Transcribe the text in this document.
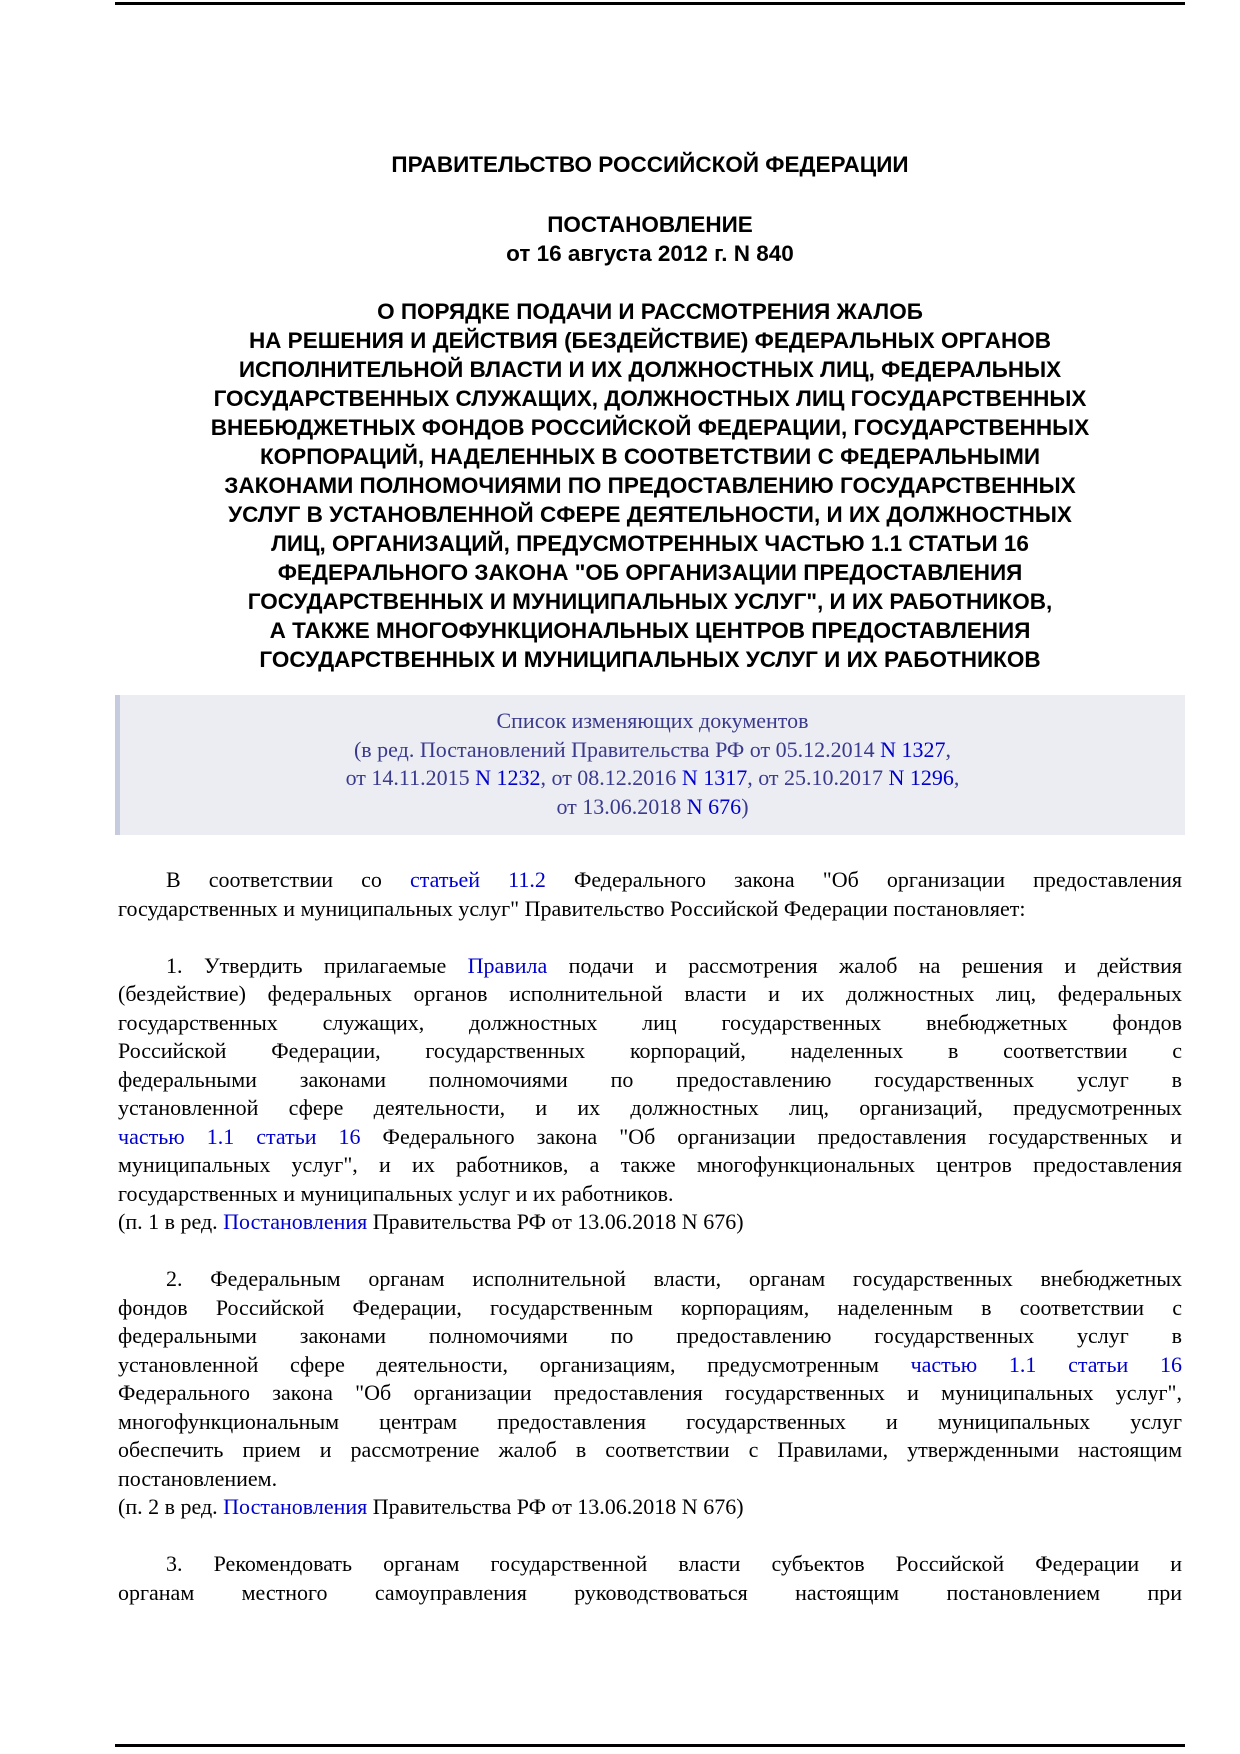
ПРАВИТЕЛЬСТВО РОССИЙСКОЙ ФЕДЕРАЦИИ
ПОСТАНОВЛЕНИЕ
от 16 августа 2012 г. N 840
О ПОРЯДКЕ ПОДАЧИ И РАССМОТРЕНИЯ ЖАЛОБ
НА РЕШЕНИЯ И ДЕЙСТВИЯ (БЕЗДЕЙСТВИЕ) ФЕДЕРАЛЬНЫХ ОРГАНОВ
ИСПОЛНИТЕЛЬНОЙ ВЛАСТИ И ИХ ДОЛЖНОСТНЫХ ЛИЦ, ФЕДЕРАЛЬНЫХ
ГОСУДАРСТВЕННЫХ СЛУЖАЩИХ, ДОЛЖНОСТНЫХ ЛИЦ ГОСУДАРСТВЕННЫХ
ВНЕБЮДЖЕТНЫХ ФОНДОВ РОССИЙСКОЙ ФЕДЕРАЦИИ, ГОСУДАРСТВЕННЫХ
КОРПОРАЦИЙ, НАДЕЛЕННЫХ В СООТВЕТСТВИИ С ФЕДЕРАЛЬНЫМИ
ЗАКОНАМИ ПОЛНОМОЧИЯМИ ПО ПРЕДОСТАВЛЕНИЮ ГОСУДАРСТВЕННЫХ
УСЛУГ В УСТАНОВЛЕННОЙ СФЕРЕ ДЕЯТЕЛЬНОСТИ, И ИХ ДОЛЖНОСТНЫХ
ЛИЦ, ОРГАНИЗАЦИЙ, ПРЕДУСМОТРЕННЫХ ЧАСТЬЮ 1.1 СТАТЬИ 16
ФЕДЕРАЛЬНОГО ЗАКОНА "ОБ ОРГАНИЗАЦИИ ПРЕДОСТАВЛЕНИЯ
ГОСУДАРСТВЕННЫХ И МУНИЦИПАЛЬНЫХ УСЛУГ", И ИХ РАБОТНИКОВ,
А ТАКЖЕ МНОГОФУНКЦИОНАЛЬНЫХ ЦЕНТРОВ ПРЕДОСТАВЛЕНИЯ
ГОСУДАРСТВЕННЫХ И МУНИЦИПАЛЬНЫХ УСЛУГ И ИХ РАБОТНИКОВ
Список изменяющих документов
(в ред. Постановлений Правительства РФ от 05.12.2014 N 1327,
от 14.11.2015 N 1232, от 08.12.2016 N 1317, от 25.10.2017 N 1296,
от 13.06.2018 N 676)
В соответствии со статьей 11.2 Федерального закона "Об организации предоставления
государственных и муниципальных услуг" Правительство Российской Федерации постановляет:
1. Утвердить прилагаемые Правила подачи и рассмотрения жалоб на решения и действия
(бездействие) федеральных органов исполнительной власти и их должностных лиц, федеральных
государственных служащих, должностных лиц государственных внебюджетных фондов
Российской Федерации, государственных корпораций, наделенных в соответствии с
федеральными законами полномочиями по предоставлению государственных услуг в
установленной сфере деятельности, и их должностных лиц, организаций, предусмотренных
частью 1.1 статьи 16 Федерального закона "Об организации предоставления государственных и
муниципальных услуг", и их работников, а также многофункциональных центров предоставления
государственных и муниципальных услуг и их работников.
(п. 1 в ред. Постановления Правительства РФ от 13.06.2018 N 676)
2. Федеральным органам исполнительной власти, органам государственных внебюджетных
фондов Российской Федерации, государственным корпорациям, наделенным в соответствии с
федеральными законами полномочиями по предоставлению государственных услуг в
установленной сфере деятельности, организациям, предусмотренным частью 1.1 статьи 16
Федерального закона "Об организации предоставления государственных и муниципальных услуг",
многофункциональным центрам предоставления государственных и муниципальных услуг
обеспечить прием и рассмотрение жалоб в соответствии с Правилами, утвержденными настоящим
постановлением.
(п. 2 в ред. Постановления Правительства РФ от 13.06.2018 N 676)
3. Рекомендовать органам государственной власти субъектов Российской Федерации и
органам местного самоуправления руководствоваться настоящим постановлением при
